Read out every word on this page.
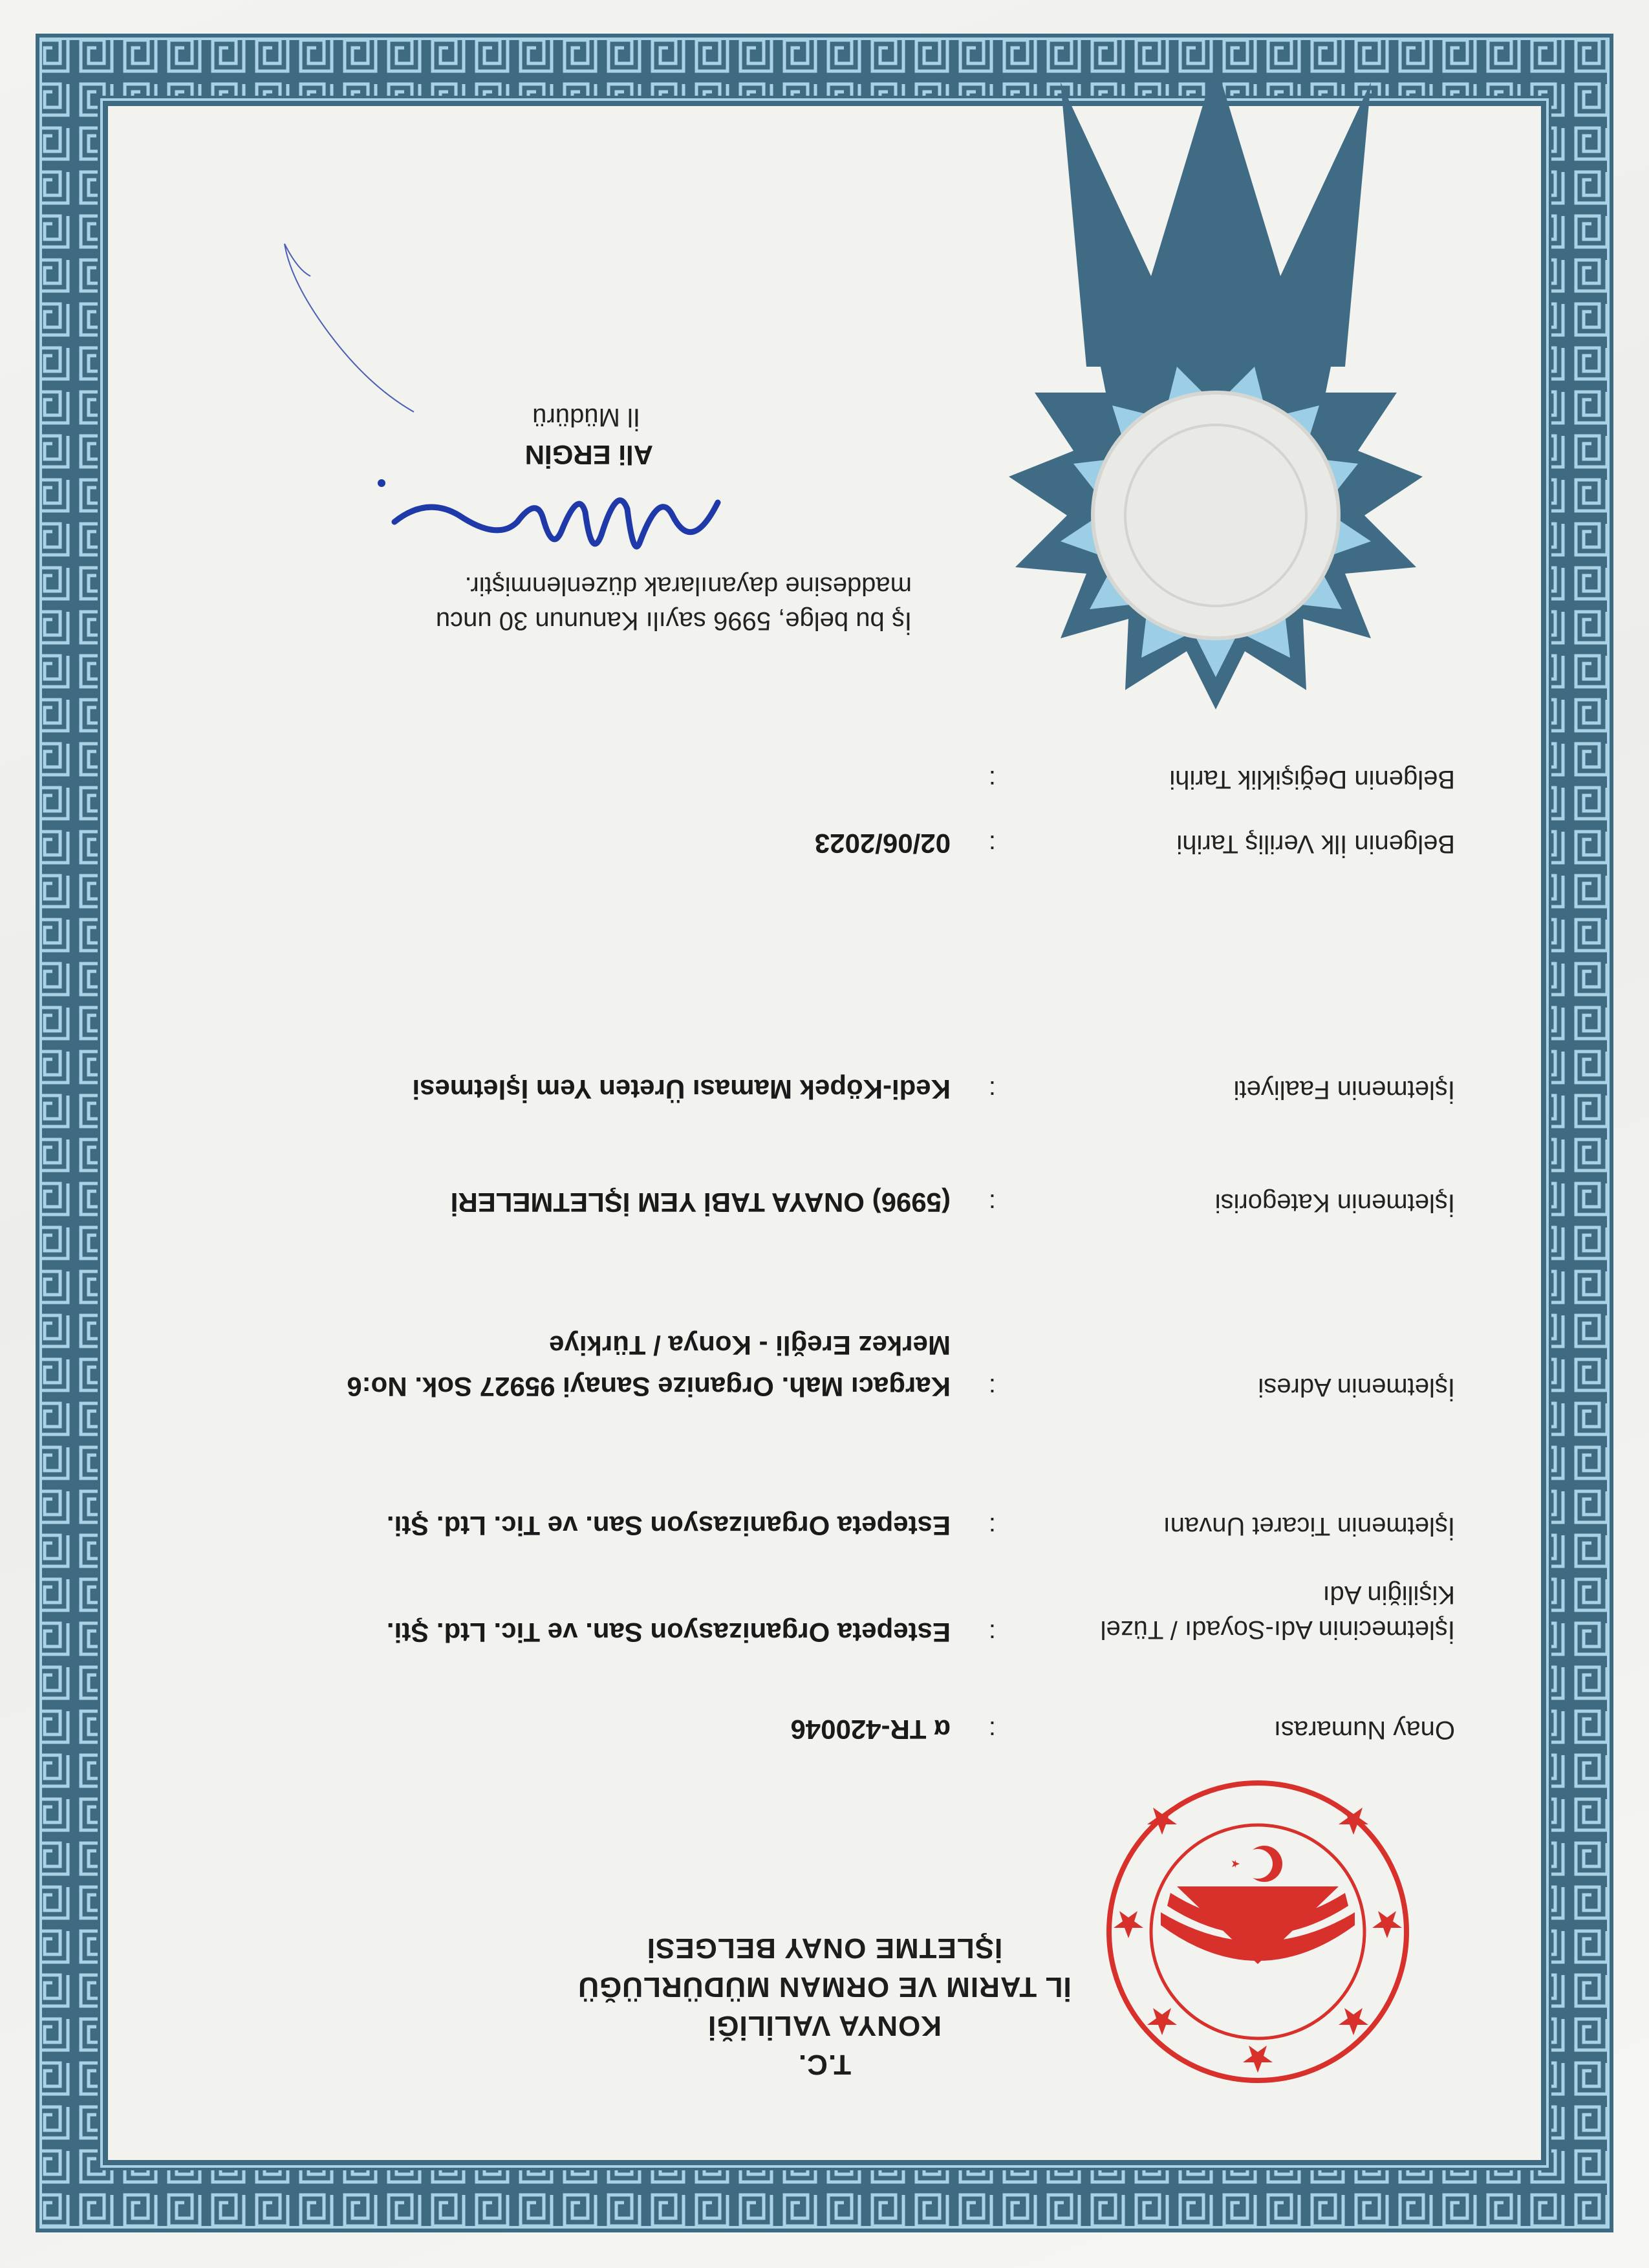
T.C.
KONYA VALİLİĞİ
İL TARIM VE ORMAN MÜDÜRLÜĞÜ
İŞLETME ONAY BELGESİ
Onay Numarası
:
α TR-420046
İşletmecinin Adı-Soyadı / Tüzel Kişiliğin Adı
:
Estepeta Organizasyon San. ve Tic. Ltd. Şti.
İşletmenin Ticaret Unvanı
:
Estepeta Organizasyon San. ve Tic. Ltd. Şti.
İşletmenin Adresi
:
Kargacı Mah. Organize Sanayi 95927 Sok. No:6
Merkez Ereğli - Konya / Türkiye
İşletmenin Kategorisi
:
(5996) ONAYA TABİ YEM İŞLETMELERİ
İşletmenin Faaliyeti
:
Kedi-Köpek Maması Üreten Yem İşletmesi
Belgenin İlk Veriliş Tarihi
:
02/06/2023
Belgenin Değişiklik Tarihi
:
İş bu belge, 5996 sayılı Kanunun 30 uncu
maddesine dayanılarak düzenlenmiştir.
Ali ERGİN
İl Müdürü
